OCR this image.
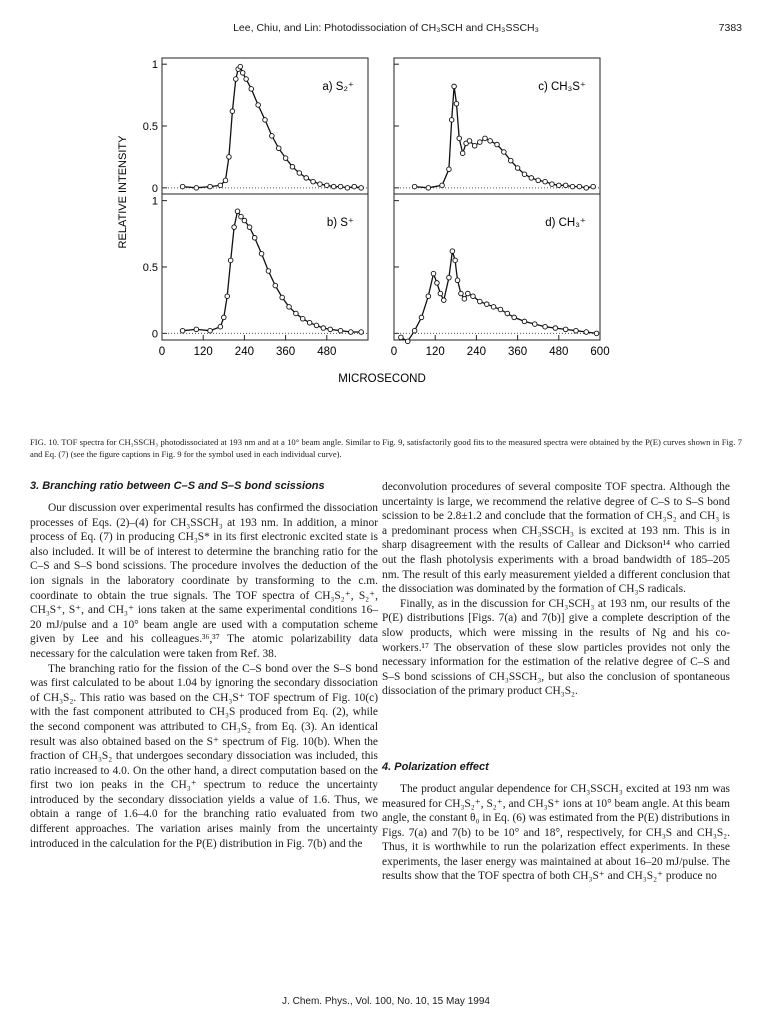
Lee, Chiu, and Lin: Photodissociation of CH₃SCH and CH₃SSCH₃	7383
1
0.5
0
a) S₂⁺	c) CH₃S⁺
1
0.5
0
b) S⁺
0 120 240 360 480
d) CH₃⁺
0 120 240 360 480 600
RELATIVE INTENSITY
MICROSECOND
FIG. 10. TOF spectra for CH₃SSCH₃ photodissociated at 193 nm and at a 10° beam angle. Similar to Fig. 9, satisfactorily good fits to the measured spectra were obtained by the P(E) curves shown in Fig. 7 and Eq. (7) (see the figure captions in Fig. 9 for the symbol used in each individual curve).
3. Branching ratio between C–S and S–S bond scissions

Our discussion over experimental results has confirmed the dissociation processes of Eqs. (2)–(4) for CH₃SSCH₃ at 193 nm. In addition, a minor process of Eq. (7) in producing CH₃S* in its first electronic excited state is also included. It will be of interest to determine the branching ratio for the C–S and S–S bond scissions. The procedure involves the deduction of the ion signals in the laboratory coordinate by transforming to the c.m. coordinate to obtain the true signals. The TOF spectra of CH₃S₂⁺, S₂⁺, CH₃S⁺, S⁺, and CH₃⁺ ions taken at the same experimental conditions 16–20 mJ/pulse and a 10° beam angle are used with a computation scheme given by Lee and his colleagues.³⁶,³⁷ The atomic polarizability data necessary for the calculation were taken from Ref. 38.

The branching ratio for the fission of the C–S bond over the S–S bond was first calculated to be about 1.04 by ignoring the secondary dissociation of CH₃S₂. This ratio was based on the CH₃S⁺ TOF spectrum of Fig. 10(c) with the fast component attributed to CH₃S produced from Eq. (2), while the second component was attributed to CH₃S₂ from Eq. (3). An identical result was also obtained based on the S⁺ spectrum of Fig. 10(b). When the fraction of CH₃S₂ that undergoes secondary dissociation was included, this ratio increased to 4.0. On the other hand, a direct computation based on the first two ion peaks in the CH₃⁺ spectrum to reduce the uncertainty introduced by the secondary dissociation yields a value of 1.6. Thus, we obtain a range of 1.6–4.0 for the branching ratio evaluated from two different approaches. The variation arises mainly from the uncertainty introduced in the calculation for the P(E) distribution in Fig. 7(b) and the

deconvolution procedures of several composite TOF spectra. Although the uncertainty is large, we recommend the relative degree of C–S to S–S bond scission to be 2.8±1.2 and conclude that the formation of CH₃S₂ and CH₃ is a predominant process when CH₃SSCH₃ is excited at 193 nm. This is in sharp disagreement with the results of Callear and Dickson¹⁴ who carried out the flash photolysis experiments with a broad bandwidth of 185–205 nm. The result of this early measurement yielded a different conclusion that the dissociation was dominated by the formation of CH₃S radicals.

Finally, as in the discussion for CH₃SCH₃ at 193 nm, our results of the P(E) distributions [Figs. 7(a) and 7(b)] give a complete description of the slow products, which were missing in the results of Ng and his co-workers.¹⁷ The observation of these slow particles provides not only the necessary information for the estimation of the relative degree of C–S and S–S bond scissions of CH₃SSCH₃, but also the conclusion of spontaneous dissociation of the primary product CH₃S₂.

4. Polarization effect

The product angular dependence for CH₃SSCH₃ excited at 193 nm was measured for CH₃S₂⁺, S₂⁺, and CH₃S⁺ ions at 10° beam angle. At this beam angle, the constant θ₀ in Eq. (6) was estimated from the P(E) distributions in Figs. 7(a) and 7(b) to be 10° and 18°, respectively, for CH₃S and CH₃S₂. Thus, it is worthwhile to run the polarization effect experiments. In these experiments, the laser energy was maintained at about 16–20 mJ/pulse. The results show that the TOF spectra of both CH₃S⁺ and CH₃S₂⁺ produce no

J. Chem. Phys., Vol. 100, No. 10, 15 May 1994
